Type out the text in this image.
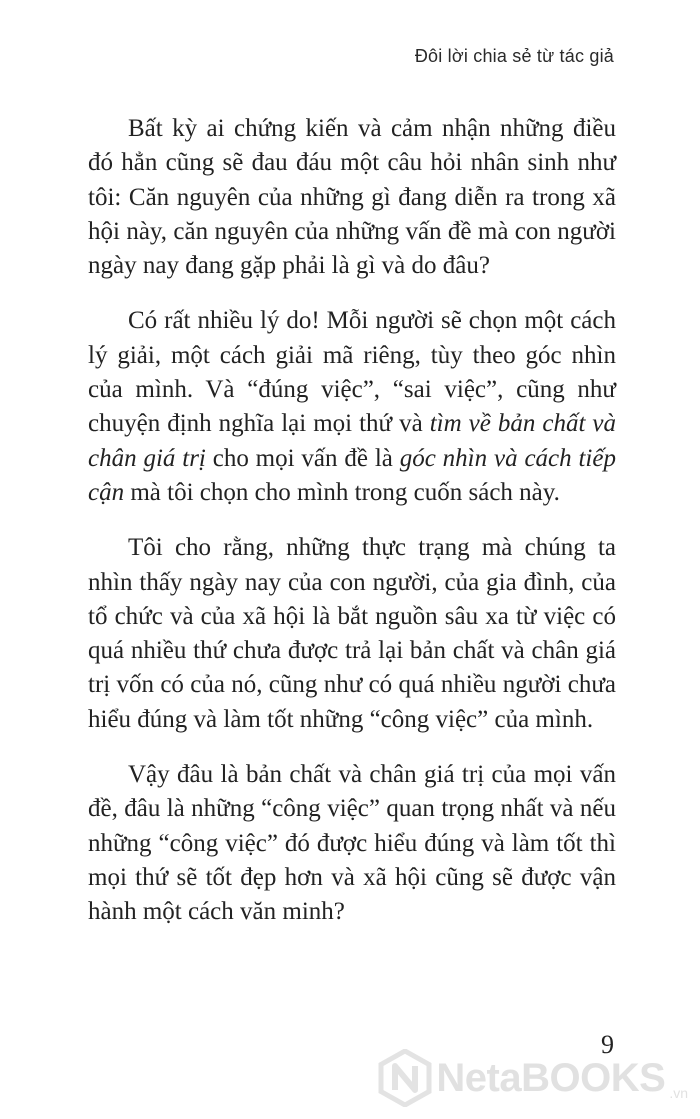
Đôi lời chia sẻ từ tác giả

Bất kỳ ai chứng kiến và cảm nhận những điều đó hẳn cũng sẽ đau đáu một câu hỏi nhân sinh như tôi: Căn nguyên của những gì đang diễn ra trong xã hội này, căn nguyên của những vấn đề mà con người ngày nay đang gặp phải là gì và do đâu?

Có rất nhiều lý do! Mỗi người sẽ chọn một cách lý giải, một cách giải mã riêng, tùy theo góc nhìn của mình. Và “đúng việc”, “sai việc”, cũng như chuyện định nghĩa lại mọi thứ và tìm về bản chất và chân giá trị cho mọi vấn đề là góc nhìn và cách tiếp cận mà tôi chọn cho mình trong cuốn sách này.

Tôi cho rằng, những thực trạng mà chúng ta nhìn thấy ngày nay của con người, của gia đình, của tổ chức và của xã hội là bắt nguồn sâu xa từ việc có quá nhiều thứ chưa được trả lại bản chất và chân giá trị vốn có của nó, cũng như có quá nhiều người chưa hiểu đúng và làm tốt những “công việc” của mình.

Vậy đâu là bản chất và chân giá trị của mọi vấn đề, đâu là những “công việc” quan trọng nhất và nếu những “công việc” đó được hiểu đúng và làm tốt thì mọi thứ sẽ tốt đẹp hơn và xã hội cũng sẽ được vận hành một cách văn minh?

9
NetaBOOKS .vn
